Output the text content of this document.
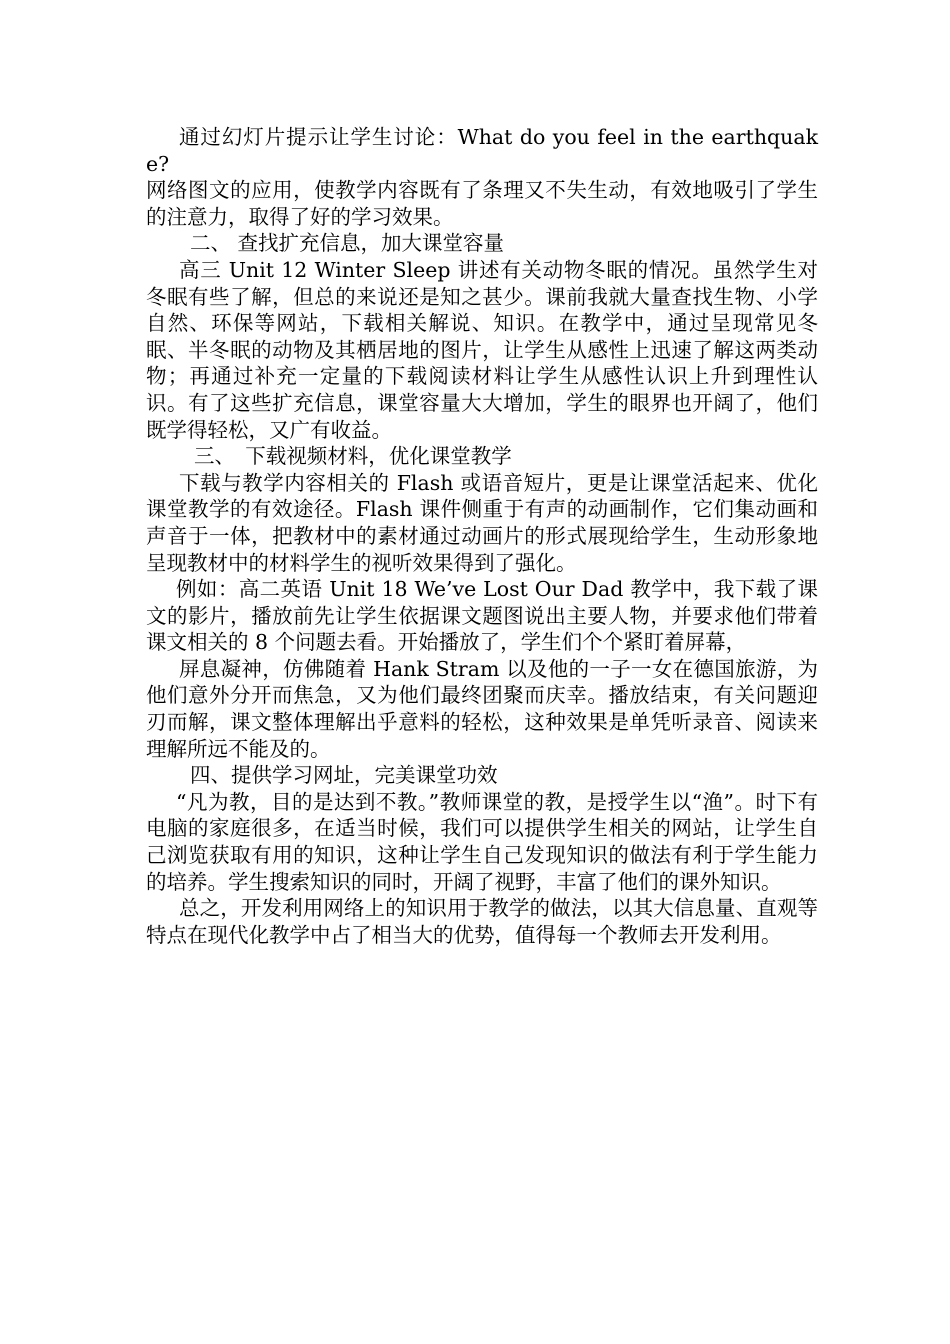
通过幻灯片提示让学生讨论：What do you feel in the earthquake?

网络图文的应用，使教学内容既有了条理又不失生动，有效地吸引了学生的注意力，取得了好的学习效果。

二、 查找扩充信息，加大课堂容量

高三 Unit 12 Winter Sleep 讲述有关动物冬眠的情况。虽然学生对冬眠有些了解，但总的来说还是知之甚少。课前我就大量查找生物、小学自然、环保等网站，下载相关解说、知识。在教学中，通过呈现常见冬眠、半冬眠的动物及其栖居地的图片，让学生从感性上迅速了解这两类动物；再通过补充一定量的下载阅读材料让学生从感性认识上升到理性认识。有了这些扩充信息，课堂容量大大增加，学生的眼界也开阔了，他们既学得轻松，又广有收益。

三、　下载视频材料，优化课堂教学

下载与教学内容相关的 Flash 或语音短片，更是让课堂活起来、优化课堂教学的有效途径。Flash 课件侧重于有声的动画制作，它们集动画和声音于一体，把教材中的素材通过动画片的形式展现给学生，生动形象地呈现教材中的材料学生的视听效果得到了强化。

例如：高二英语 Unit 18 We’ve Lost Our Dad 教学中，我下载了课文的影片，播放前先让学生依据课文题图说出主要人物，并要求他们带着课文相关的 8 个问题去看。开始播放了，学生们个个紧盯着屏幕，

屏息凝神，仿佛随着 Hank Stram 以及他的一子一女在德国旅游，为他们意外分开而焦急，又为他们最终团聚而庆幸。播放结束，有关问题迎刃而解，课文整体理解出乎意料的轻松，这种效果是单凭听录音、阅读来理解所远不能及的。

四、提供学习网址，完美课堂功效

“凡为教，目的是达到不教。”教师课堂的教，是授学生以“渔”。时下有电脑的家庭很多，在适当时候，我们可以提供学生相关的网站，让学生自己浏览获取有用的知识，这种让学生自己发现知识的做法有利于学生能力的培养。学生搜索知识的同时，开阔了视野，丰富了他们的课外知识。

总之，开发利用网络上的知识用于教学的做法，以其大信息量、直观等特点在现代化教学中占了相当大的优势，值得每一个教师去开发利用。
